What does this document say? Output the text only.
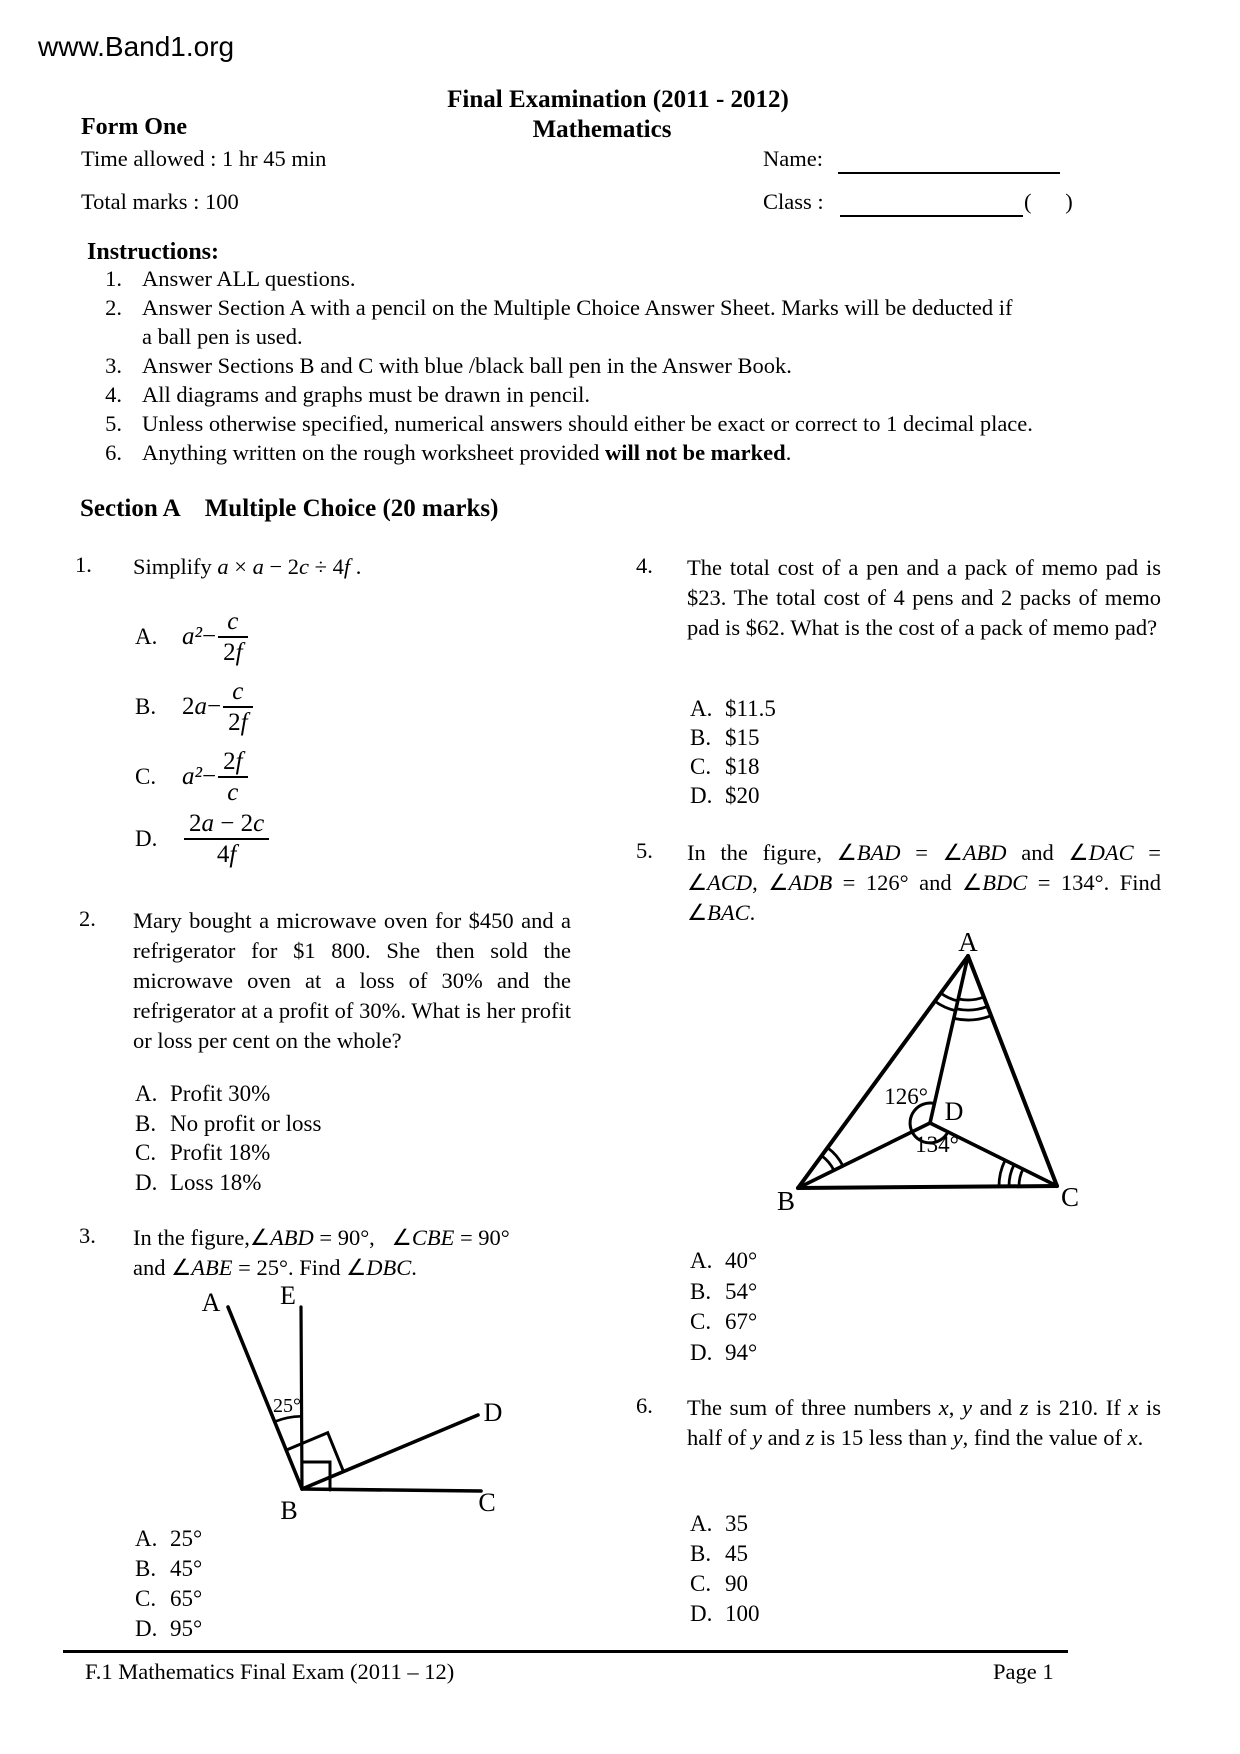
www.Band1.org
Final Examination (2011 - 2012)
Form One	Mathematics
Time allowed : 1 hr 45 min	Name:
Total marks : 100	Class :	(   )
Instructions:
1. Answer ALL questions.
2. Answer Section A with a pencil on the Multiple Choice Answer Sheet. Marks will be deducted if
a ball pen is used.
3. Answer Sections B and C with blue /black ball pen in the Answer Book.
4. All diagrams and graphs must be drawn in pencil.
5. Unless otherwise specified, numerical answers should either be exact or correct to 1 decimal place.
6. Anything written on the rough worksheet provided will not be marked.
Section A Multiple Choice (20 marks)
1. Simplify a × a − 2c ÷ 4f .
A. $a^2 - \frac{c}{2f}$
B.	2 $a - \frac{c}{2f}$
C.	$a^2 - \frac{2f}{c}$
D.	$\frac{2a - 2c}{4f}$
2. Mary bought a microwave oven for $450 and a refrigerator for $1 800. She then sold the microwave oven at a loss of 30% and the refrigerator at a profit of 30%. What is her profit or loss per cent on the whole?
A. Profit 30%
B. No profit or loss
C. Profit 18%
D. Loss 18%
3. In the figure,∠ABD = 90°,  ∠CBE = 90°
and ∠ABE = 25°. Find ∠DBC.
A E
D
C
B
25°
A. 25°
B. 45°
C. 65°
D. 95°
4. The total cost of a pen and a pack of memo pad is $23. The total cost of 4 pens and 2 packs of memo pad is $62. What is the cost of a pack of memo pad?
A. $11.5
B. $15
C. $18
D. $20
5. In the figure, ∠BAD = ∠ABD and ∠DAC = ∠ACD, ∠ADB = 126° and ∠BDC = 134°. Find ∠BAC.
A
B	C
D
126°
134°
A. 40°
B. 54°
C. 67°
D. 94°
6. The sum of three numbers x, y and z is 210. If x is half of y and z is 15 less than y, find the value of x.
A. 35
B. 45
C. 90
D. 100
F.1 Mathematics Final Exam (2011 – 12)	Page 1
